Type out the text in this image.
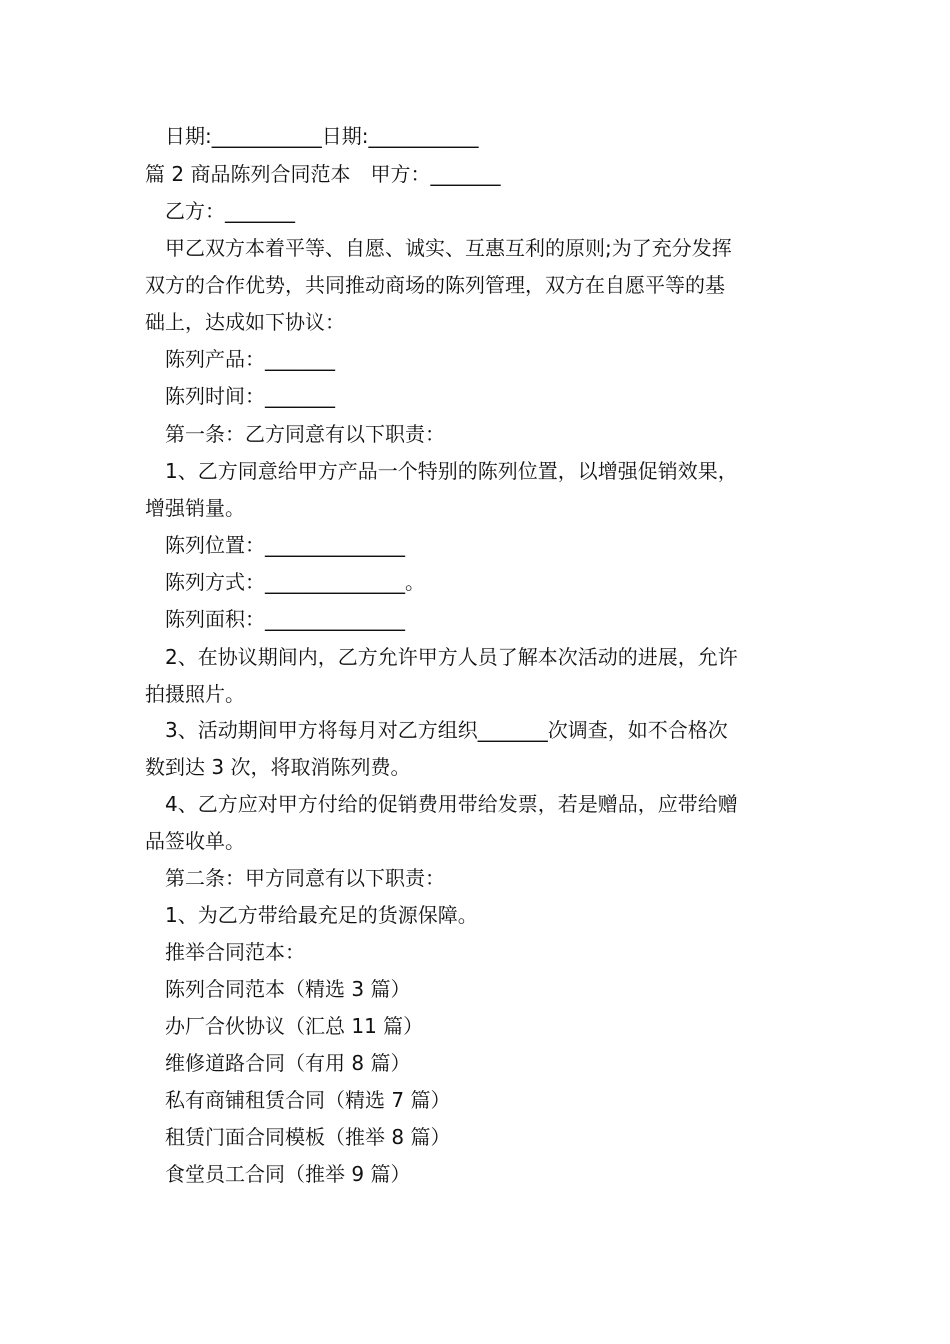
日期:___________日期:___________
篇 2 商品陈列合同范本　甲方：_______
乙方：_______
甲乙双方本着平等、自愿、诚实、互惠互利的原则;为了充分发挥
双方的合作优势，共同推动商场的陈列管理，双方在自愿平等的基
础上，达成如下协议：
陈列产品：_______
陈列时间：_______
第一条：乙方同意有以下职责：
1、乙方同意给甲方产品一个特别的陈列位置，以增强促销效果，
增强销量。
陈列位置：______________
陈列方式：______________。
陈列面积：______________
2、在协议期间内，乙方允许甲方人员了解本次活动的进展，允许
拍摄照片。
3、活动期间甲方将每月对乙方组织_______次调查，如不合格次
数到达 3 次，将取消陈列费。
4、乙方应对甲方付给的促销费用带给发票，若是赠品，应带给赠
品签收单。
第二条：甲方同意有以下职责：
1、为乙方带给最充足的货源保障。
推举合同范本：
陈列合同范本（精选 3 篇）
办厂合伙协议（汇总 11 篇）
维修道路合同（有用 8 篇）
私有商铺租赁合同（精选 7 篇）
租赁门面合同模板（推举 8 篇）
食堂员工合同（推举 9 篇）
